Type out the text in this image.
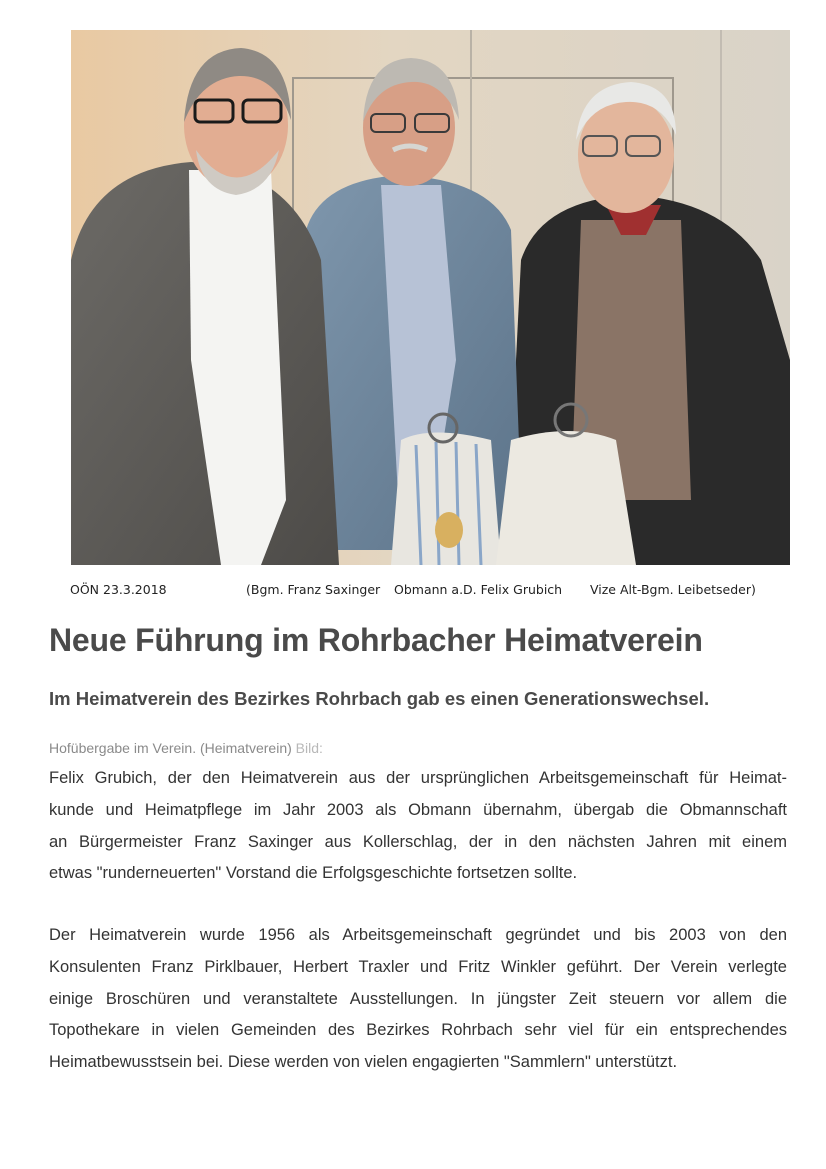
OÖN 23.3.2018	(Bgm. Franz Saxinger Obmann a.D. Felix Grubich Vize Alt-Bgm. Leibetseder)
Neue Führung im Rohrbacher Heimatverein
Im Heimatverein des Bezirkes Rohrbach gab es einen Generationswechsel.
Hofübergabe im Verein. (Heimatverein) Bild:

Felix Grubich, der den Heimatverein aus der ursprünglichen Arbeitsgemeinschaft für Heimat-
kunde und Heimatpflege im Jahr 2003 als Obmann übernahm, übergab die Obmannschaft
an Bürgermeister Franz Saxinger aus Kollerschlag, der in den nächsten Jahren mit einem
etwas "runderneuerten" Vorstand die Erfolgsgeschichte fortsetzen sollte.

Der Heimatverein wurde 1956 als Arbeitsgemeinschaft gegründet und bis 2003 von den
Konsulenten Franz Pirklbauer, Herbert Traxler und Fritz Winkler geführt. Der Verein verlegte
einige Broschüren und veranstaltete Ausstellungen. In jüngster Zeit steuern vor allem die
Topothekare in vielen Gemeinden des Bezirkes Rohrbach sehr viel für ein entsprechendes
Heimatbewusstsein bei. Diese werden von vielen engagierten "Sammlern" unterstützt.
